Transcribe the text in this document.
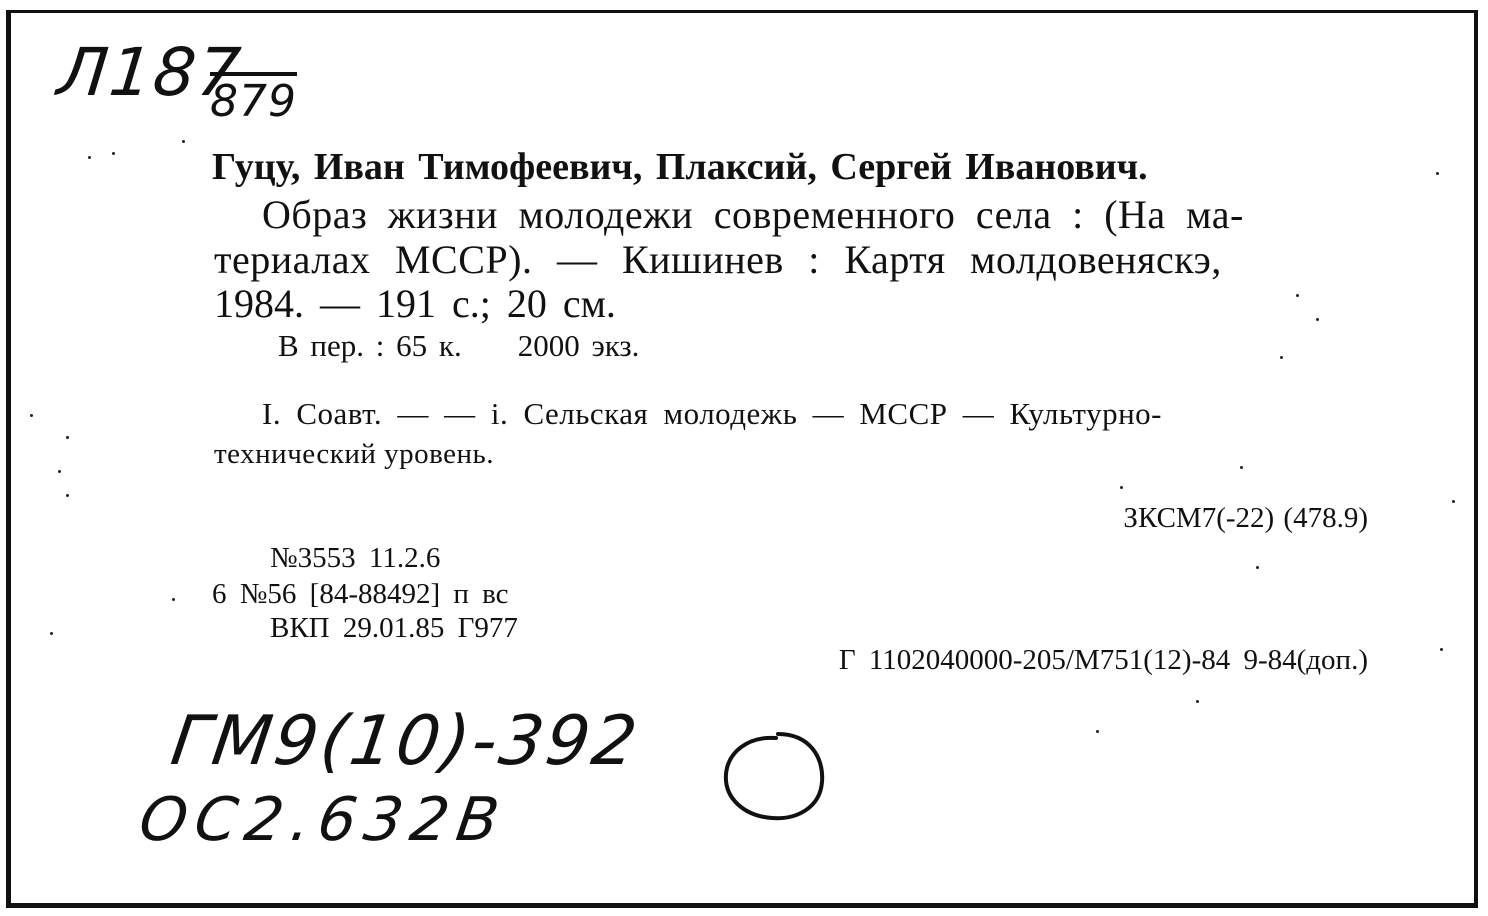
Л187
879
Гуцу, Иван Тимофеевич, Плаксий, Сергей Иванович.
Образ жизни молодежи современного села : (На ма-
териалах МССР). — Кишинев : Картя молдовеняскэ,
1984. — 191 с.; 20 см.
В пер. : 65 к. 2000 экз.
I. Соавт. — — i. Сельская молодежь — МССР — Культурно-
технический уровень.
ЗКСМ7(-22) (478.9)
№3553 11.2.6
6 №56 [84-88492] п вс
ВКП 29.01.85 Г977
Г 1102040000-205/М751(12)-84 9-84(доп.)
ГМ9(10)-392
ОС2.632В
